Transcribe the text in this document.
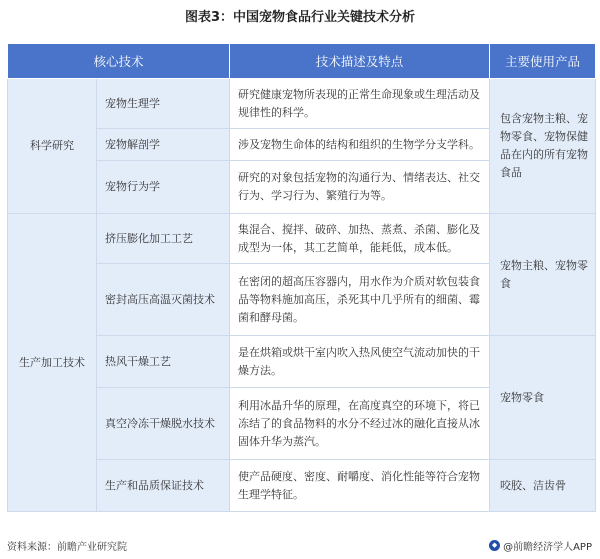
图表3：中国宠物食品行业关键技术分析
核心技术		技术描述及特点	主要使用产品
科学研究	宠物生理学	研究健康宠物所表现的正常生命现象或生理活动及规律性的科学。	包含宠物主粮、宠物零食、宠物保健品在内的所有宠物食品
	宠物解剖学	涉及宠物生命体的结构和组织的生物学分支学科。	
	宠物行为学	研究的对象包括宠物的沟通行为、情绪表达、社交行为、学习行为、繁殖行为等。	
生产加工技术	挤压膨化加工工艺	集混合、搅拌、破碎、加热、蒸煮、杀菌、膨化及成型为一体，其工艺简单，能耗低，成本低。	宠物主粮、宠物零食
	密封高压高温灭菌技术	在密闭的超高压容器内，用水作为介质对软包装食品等物料施加高压，杀死其中几乎所有的细菌、霉菌和酵母菌。	
	热风干燥工艺	是在烘箱或烘干室内吹入热风使空气流动加快的干燥方法。	宠物零食
	真空冷冻干燥脱水技术	利用冰晶升华的原理，在高度真空的环境下，将已冻结了的食品物料的水分不经过冰的融化直接从冰固体升华为蒸汽。	
	生产和品质保证技术	使产品硬度、密度、耐嚼度、消化性能等符合宠物生理学特征。	咬胶、洁齿骨
资料来源：前瞻产业研究院	◆ @前瞻经济学人APP
